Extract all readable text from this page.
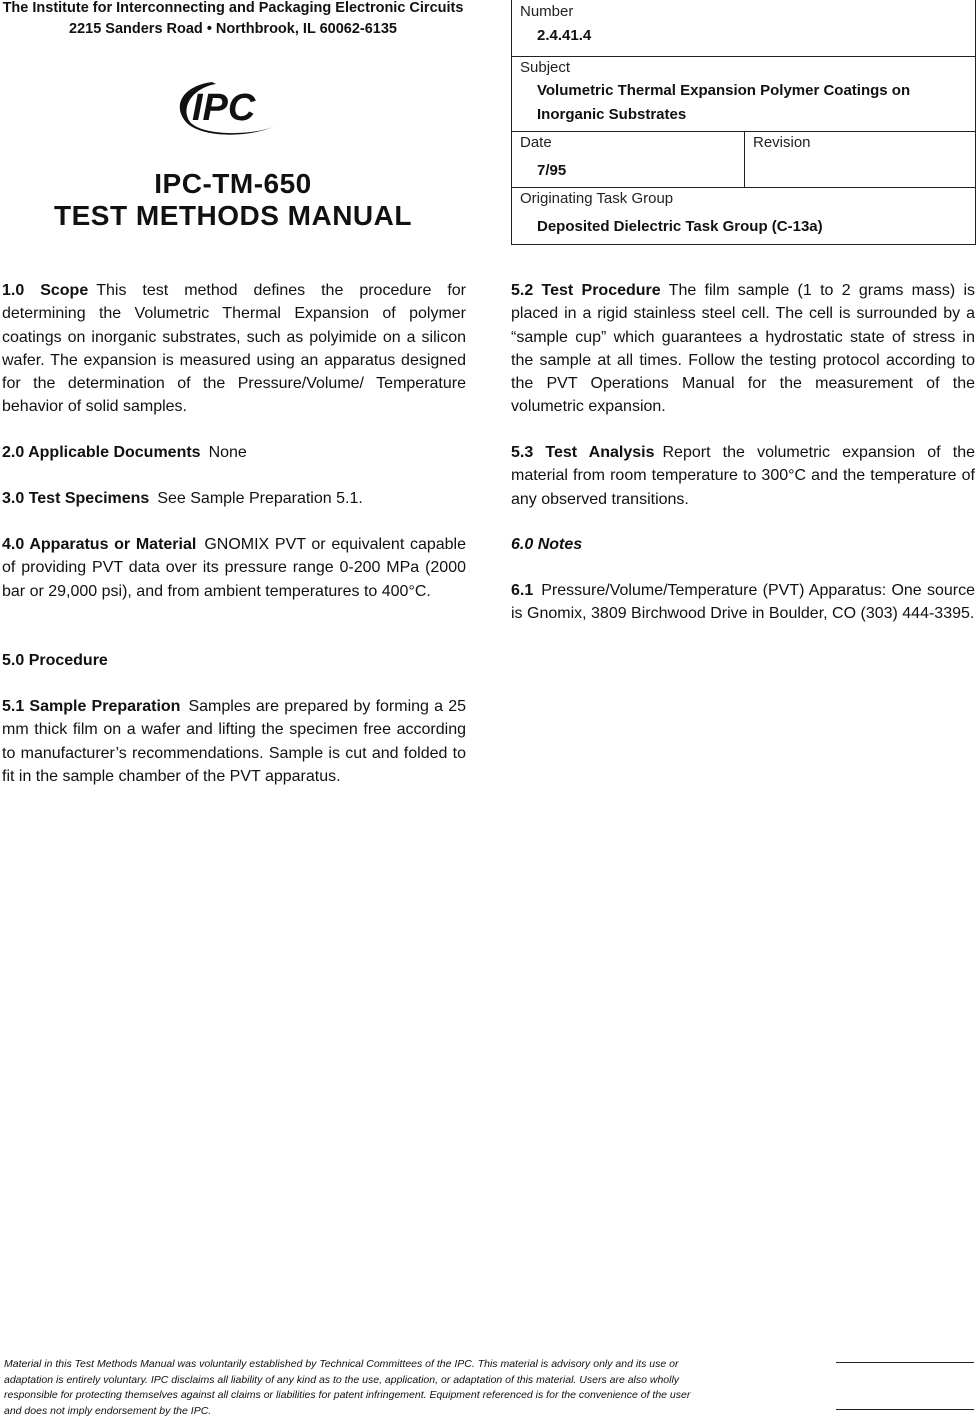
The Institute for Interconnecting and Packaging Electronic Circuits
2215 Sanders Road • Northbrook, IL 60062-6135
IPC
IPC-TM-650
TEST METHODS MANUAL
Number
2.4.41.4
Subject
Volumetric Thermal Expansion Polymer Coatings on
Inorganic Substrates
Date
7/95
Revision
Originating Task Group
Deposited Dielectric Task Group (C-13a)
1.0 Scope This test method defines the procedure for determining the Volumetric Thermal Expansion of polymer coatings on inorganic substrates, such as polyimide on a silicon wafer. The expansion is measured using an apparatus designed for the determination of the Pressure/Volume/ Temperature behavior of solid samples.
2.0 Applicable Documents None
3.0 Test Specimens See Sample Preparation 5.1.
4.0 Apparatus or Material GNOMIX PVT or equivalent capable of providing PVT data over its pressure range 0-200 MPa (2000 bar or 29,000 psi), and from ambient temperatures to 400°C.
5.0 Procedure
5.1 Sample Preparation Samples are prepared by forming a 25 mm thick film on a wafer and lifting the specimen free according to manufacturer’s recommendations. Sample is cut and folded to fit in the sample chamber of the PVT apparatus.
5.2 Test Procedure The film sample (1 to 2 grams mass) is placed in a rigid stainless steel cell. The cell is surrounded by a “sample cup” which guarantees a hydrostatic state of stress in the sample at all times. Follow the testing protocol according to the PVT Operations Manual for the measurement of the volumetric expansion.
5.3 Test Analysis Report the volumetric expansion of the material from room temperature to 300°C and the temperature of any observed transitions.
6.0 Notes
6.1 Pressure/Volume/Temperature (PVT) Apparatus: One source is Gnomix, 3809 Birchwood Drive in Boulder, CO (303) 444-3395.
Material in this Test Methods Manual was voluntarily established by Technical Committees of the IPC. This material is advisory only and its use or adaptation is entirely voluntary. IPC disclaims all liability of any kind as to the use, application, or adaptation of this material. Users are also wholly responsible for protecting themselves against all claims or liabilities for patent infringement. Equipment referenced is for the convenience of the user and does not imply endorsement by the IPC.
